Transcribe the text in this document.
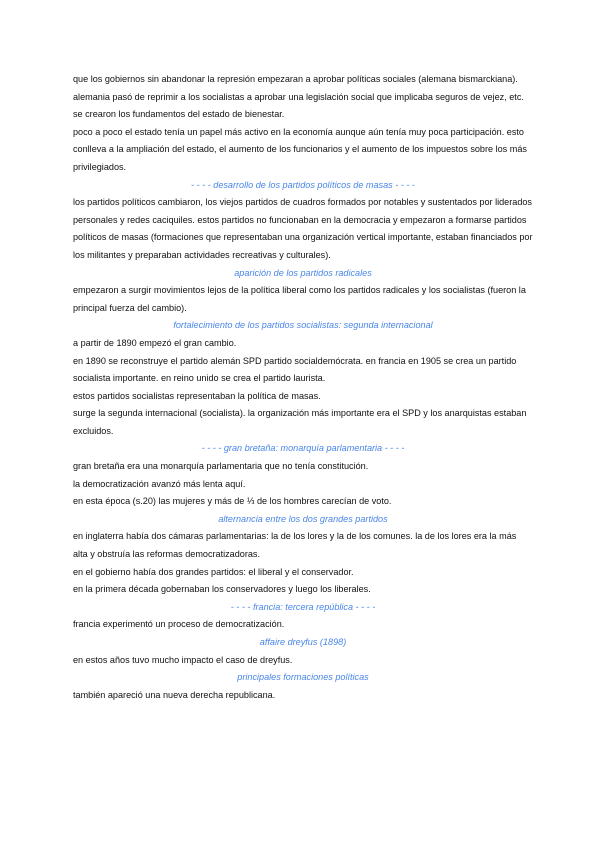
que los gobiernos sin abandonar la represión empezaran a aprobar políticas sociales (alemana bismarckiana).

alemania pasó de reprimir a los socialistas a aprobar una legislación social que implicaba seguros de vejez, etc.

se crearon los fundamentos del estado de bienestar.

poco a poco el estado tenía un papel más activo en la economía aunque aún tenía muy poca participación. esto conlleva a la ampliación del estado, el aumento de los funcionarios y el aumento de los impuestos sobre los más privilegiados.

- - - - desarrollo de los partidos políticos de masas - - - -

los partidos políticos cambiaron, los viejos partidos de cuadros formados por notables y sustentados por liderados personales y redes caciquiles. estos partidos no funcionaban en la democracia y empezaron a formarse partidos políticos de masas (formaciones que representaban una organización vertical importante, estaban financiados por los militantes y preparaban actividades recreativas y culturales).

aparición de los partidos radicales

empezaron a surgir movimientos lejos de la política liberal como los partidos radicales y los socialistas (fueron la principal fuerza del cambio).

fortalecimiento de los partidos socialistas: segunda internacional

a partir de 1890 empezó el gran cambio.

en 1890 se reconstruye el partido alemán SPD partido socialdemócrata. en francia en 1905 se crea un partido socialista importante. en reino unido se crea el partido laurista.

estos partidos socialistas representaban la política de masas.

surge la segunda internacional (socialista). la organización más importante era el SPD y los anarquistas estaban excluidos.

- - - - gran bretaña: monarquía parlamentaria - - - -

gran bretaña era una monarquía parlamentaria que no tenía constitución.

la democratización avanzó más lenta aquí.

en esta época (s.20) las mujeres y más de ⅓ de los hombres carecían de voto.

alternancia entre los dos grandes partidos

en inglaterra había dos cámaras parlamentarias: la de los lores y la de los comunes. la de los lores era la más alta y obstruía las reformas democratizadoras.

en el gobierno había dos grandes partidos: el liberal y el conservador.

en la primera década gobernaban los conservadores y luego los liberales.

- - - - francia: tercera república - - - -

francia experimentó un proceso de democratización.

affaire dreyfus (1898)

en estos años tuvo mucho impacto el caso de dreyfus.

principales formaciones políticas

también apareció una nueva derecha republicana.
